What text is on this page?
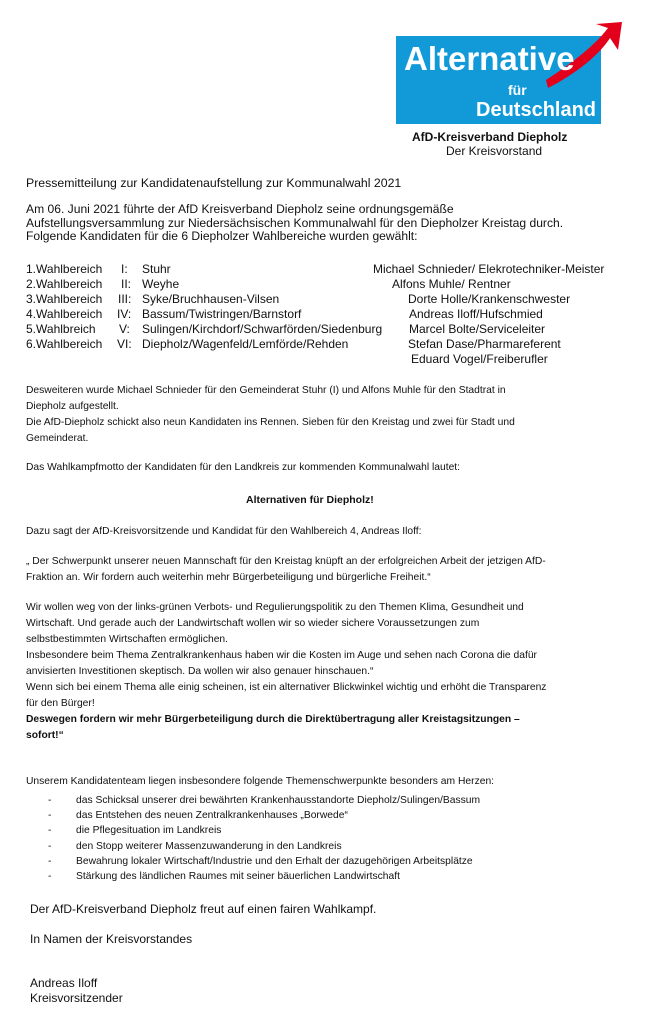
Alternative
für
Deutschland
AfD-Kreisverband Diepholz
Der Kreisvorstand
Pressemitteilung zur Kandidatenaufstellung zur Kommunalwahl 2021
Am 06. Juni 2021 führte der AfD Kreisverband Diepholz seine ordnungsgemäße
Aufstellungsversammlung zur Niedersächsischen Kommunalwahl für den Diepholzer Kreistag durch.
Folgende Kandidaten für die 6 Diepholzer Wahlbereiche wurden gewählt:
1.Wahlbereich I: Stuhr	Michael Schnieder/ Elekrotechniker-Meister
2.Wahlbereich II: Weyhe	Alfons Muhle/ Rentner
3.Wahlbereich III: Syke/Bruchhausen-Vilsen	Dorte Holle/Krankenschwester
4.Wahlbereich IV: Bassum/Twistringen/Barnstorf	Andreas Iloff/Hufschmied
5.Wahlbreich V: Sulingen/Kirchdorf/Schwarförden/Siedenburg Marcel Bolte/Serviceleiter
6.Wahlbereich VI: Diepholz/Wagenfeld/Lemförde/Rehden	Stefan Dase/Pharmareferent
Eduard Vogel/Freiberufler
Desweiteren wurde Michael Schnieder für den Gemeinderat Stuhr (I) und Alfons Muhle für den Stadtrat in
Diepholz aufgestellt.
Die AfD-Diepholz schickt also neun Kandidaten ins Rennen. Sieben für den Kreistag und zwei für Stadt und
Gemeinderat.
Das Wahlkampfmotto der Kandidaten für den Landkreis zur kommenden Kommunalwahl lautet:
Alternativen für Diepholz!
Dazu sagt der AfD-Kreisvorsitzende und Kandidat für den Wahlbereich 4, Andreas Iloff:
„ Der Schwerpunkt unserer neuen Mannschaft für den Kreistag knüpft an der erfolgreichen Arbeit der jetzigen AfD-
Fraktion an. Wir fordern auch weiterhin mehr Bürgerbeteiligung und bürgerliche Freiheit.“
Wir wollen weg von der links-grünen Verbots- und Regulierungspolitik zu den Themen Klima, Gesundheit und
Wirtschaft. Und gerade auch der Landwirtschaft wollen wir so wieder sichere Voraussetzungen zum
selbstbestimmten Wirtschaften ermöglichen.
Insbesondere beim Thema Zentralkrankenhaus haben wir die Kosten im Auge und sehen nach Corona die dafür
anvisierten Investitionen skeptisch. Da wollen wir also genauer hinschauen.“
Wenn sich bei einem Thema alle einig scheinen, ist ein alternativer Blickwinkel wichtig und erhöht die Transparenz
für den Bürger!
Deswegen fordern wir mehr Bürgerbeteiligung durch die Direktübertragung aller Kreistagsitzungen –
sofort!“
Unserem Kandidatenteam liegen insbesondere folgende Themenschwerpunkte besonders am Herzen:
- das Schicksal unserer drei bewährten Krankenhausstandorte Diepholz/Sulingen/Bassum
- das Entstehen des neuen Zentralkrankenhauses „Borwede“
- die Pflegesituation im Landkreis
- den Stopp weiterer Massenzuwanderung in den Landkreis
- Bewahrung lokaler Wirtschaft/Industrie und den Erhalt der dazugehörigen Arbeitsplätze
- Stärkung des ländlichen Raumes mit seiner bäuerlichen Landwirtschaft
Der AfD-Kreisverband Diepholz freut auf einen fairen Wahlkampf.
In Namen der Kreisvorstandes
Andreas Iloff
Kreisvorsitzender
